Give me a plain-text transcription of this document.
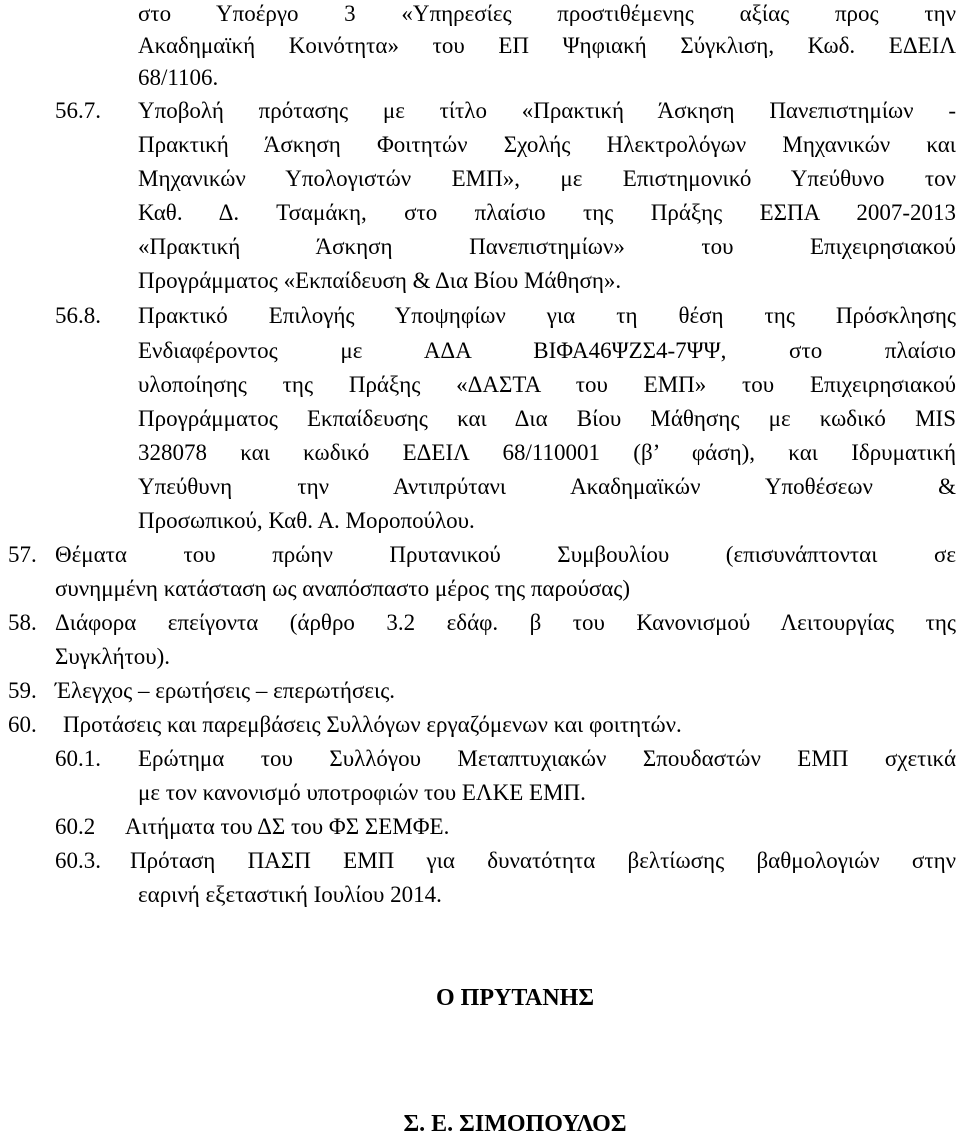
στο Υποέργο 3 «Υπηρεσίες προστιθέμενης αξίας προς την
Ακαδημαϊκή Κοινότητα» του ΕΠ Ψηφιακή Σύγκλιση, Κωδ. ΕΔΕΙΛ
68/1106.
56.7. Υποβολή πρότασης με τίτλο «Πρακτική Άσκηση Πανεπιστημίων -
Πρακτική Άσκηση Φοιτητών Σχολής Ηλεκτρολόγων Μηχανικών και
Μηχανικών Υπολογιστών ΕΜΠ», με Επιστημονικό Υπεύθυνο τον
Καθ. Δ. Τσαμάκη, στο πλαίσιο της Πράξης ΕΣΠΑ 2007-2013
«Πρακτική Άσκηση Πανεπιστημίων» του Επιχειρησιακού
Προγράμματος «Εκπαίδευση & Δια Βίου Μάθηση».
56.8. Πρακτικό Επιλογής Υποψηφίων για τη θέση της Πρόσκλησης
Ενδιαφέροντος με ΑΔΑ ΒΙΦΑ46ΨΖΣ4-7ΨΨ, στο πλαίσιο
υλοποίησης της Πράξης «ΔΑΣΤΑ του ΕΜΠ» του Επιχειρησιακού
Προγράμματος Εκπαίδευσης και Δια Βίου Μάθησης με κωδικό MIS
328078 και κωδικό ΕΔΕΙΛ 68/110001 (β’ φάση), και Ιδρυματική
Υπεύθυνη την Αντιπρύτανι Ακαδημαϊκών Υποθέσεων &
Προσωπικού, Καθ. Α. Μοροπούλου.
57. Θέματα του πρώην Πρυτανικού Συμβουλίου (επισυνάπτονται σε
συνημμένη κατάσταση ως αναπόσπαστο μέρος της παρούσας)
58. Διάφορα επείγοντα (άρθρο 3.2 εδάφ. β του Κανονισμού Λειτουργίας της
Συγκλήτου).
59. Έλεγχος – ερωτήσεις – επερωτήσεις.
60. Προτάσεις και παρεμβάσεις Συλλόγων εργαζόμενων και φοιτητών.
60.1. Ερώτημα του Συλλόγου Μεταπτυχιακών Σπουδαστών ΕΜΠ σχετικά
με τον κανονισμό υποτροφιών του ΕΛΚΕ ΕΜΠ.
60.2 Αιτήματα του ΔΣ του ΦΣ ΣΕΜΦΕ.
60.3. Πρόταση ΠΑΣΠ ΕΜΠ για δυνατότητα βελτίωσης βαθμολογιών στην
εαρινή εξεταστική Ιουλίου 2014.
Ο ΠΡΥΤΑΝΗΣ
Σ. Ε. ΣΙΜΟΠΟΥΛΟΣ
